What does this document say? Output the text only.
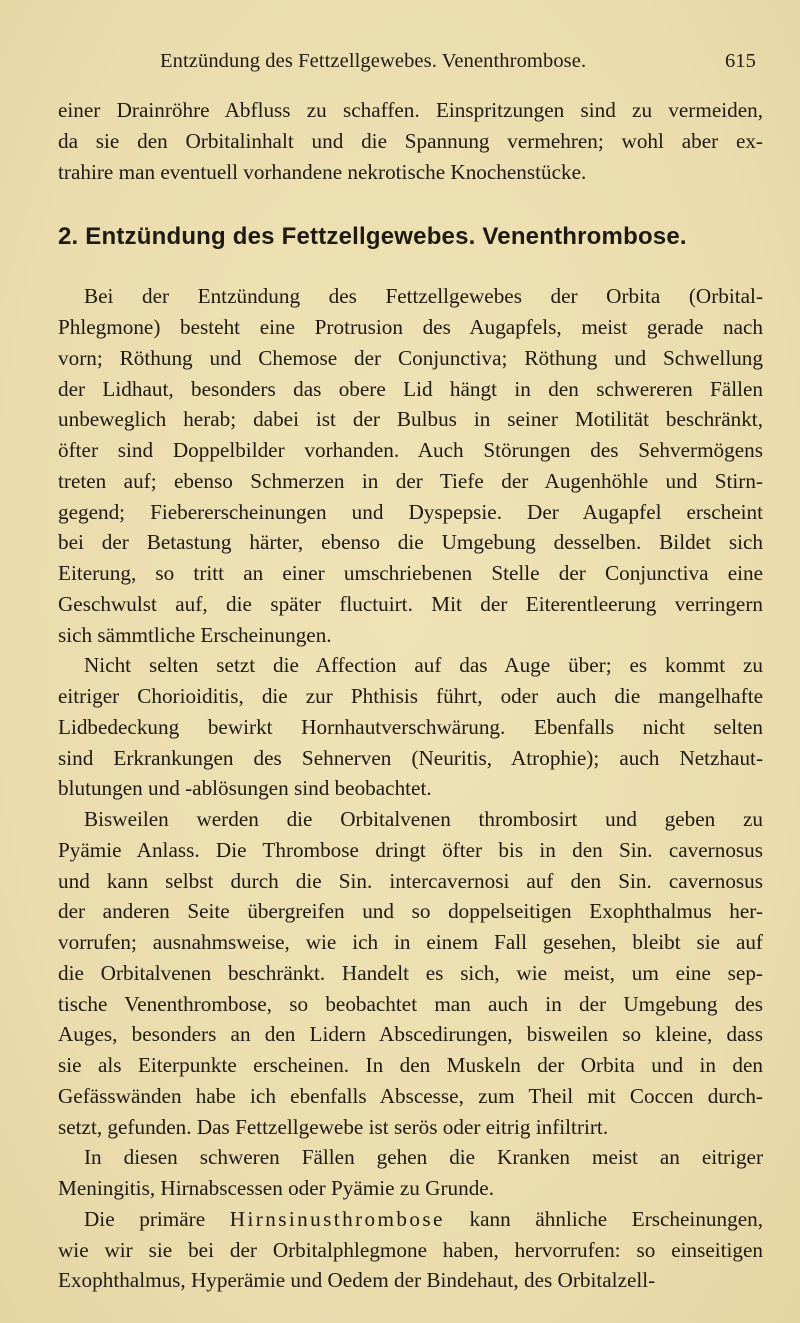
Entzündung des Fettzellgewebes. Venenthrombose.	615
einer Drainröhre Abfluss zu schaffen. Einspritzungen sind zu vermeiden,
da sie den Orbitalinhalt und die Spannung vermehren; wohl aber ex-
trahire man eventuell vorhandene nekrotische Knochenstücke.
2. Entzündung des Fettzellgewebes. Venenthrombose.
Bei der Entzündung des Fettzellgewebes der Orbita (Orbital-
Phlegmone) besteht eine Protrusion des Augapfels, meist gerade nach
vorn; Röthung und Chemose der Conjunctiva; Röthung und Schwellung
der Lidhaut, besonders das obere Lid hängt in den schwereren Fällen
unbeweglich herab; dabei ist der Bulbus in seiner Motilität beschränkt,
öfter sind Doppelbilder vorhanden. Auch Störungen des Sehvermögens
treten auf; ebenso Schmerzen in der Tiefe der Augenhöhle und Stirn-
gegend; Fiebererscheinungen und Dyspepsie. Der Augapfel erscheint
bei der Betastung härter, ebenso die Umgebung desselben. Bildet sich
Eiterung, so tritt an einer umschriebenen Stelle der Conjunctiva eine
Geschwulst auf, die später fluctuirt. Mit der Eiterentleerung verringern
sich sämmtliche Erscheinungen.
Nicht selten setzt die Affection auf das Auge über; es kommt zu
eitriger Chorioiditis, die zur Phthisis führt, oder auch die mangelhafte
Lidbedeckung bewirkt Hornhautverschwärung. Ebenfalls nicht selten
sind Erkrankungen des Sehnerven (Neuritis, Atrophie); auch Netzhaut-
blutungen und -ablösungen sind beobachtet.
Bisweilen werden die Orbitalvenen thrombosirt und geben zu
Pyämie Anlass. Die Thrombose dringt öfter bis in den Sin. cavernosus
und kann selbst durch die Sin. intercavernosi auf den Sin. cavernosus
der anderen Seite übergreifen und so doppelseitigen Exophthalmus her-
vorrufen; ausnahmsweise, wie ich in einem Fall gesehen, bleibt sie auf
die Orbitalvenen beschränkt. Handelt es sich, wie meist, um eine sep-
tische Venenthrombose, so beobachtet man auch in der Umgebung des
Auges, besonders an den Lidern Abscedirungen, bisweilen so kleine, dass
sie als Eiterpunkte erscheinen. In den Muskeln der Orbita und in den
Gefässwänden habe ich ebenfalls Abscesse, zum Theil mit Coccen durch-
setzt, gefunden. Das Fettzellgewebe ist serös oder eitrig infiltrirt.
In diesen schweren Fällen gehen die Kranken meist an eitriger
Meningitis, Hirnabscessen oder Pyämie zu Grunde.
Die primäre Hirnsinusthrombose kann ähnliche Erscheinungen,
wie wir sie bei der Orbitalphlegmone haben, hervorrufen: so einseitigen
Exophthalmus, Hyperämie und Oedem der Bindehaut, des Orbitalzell-
